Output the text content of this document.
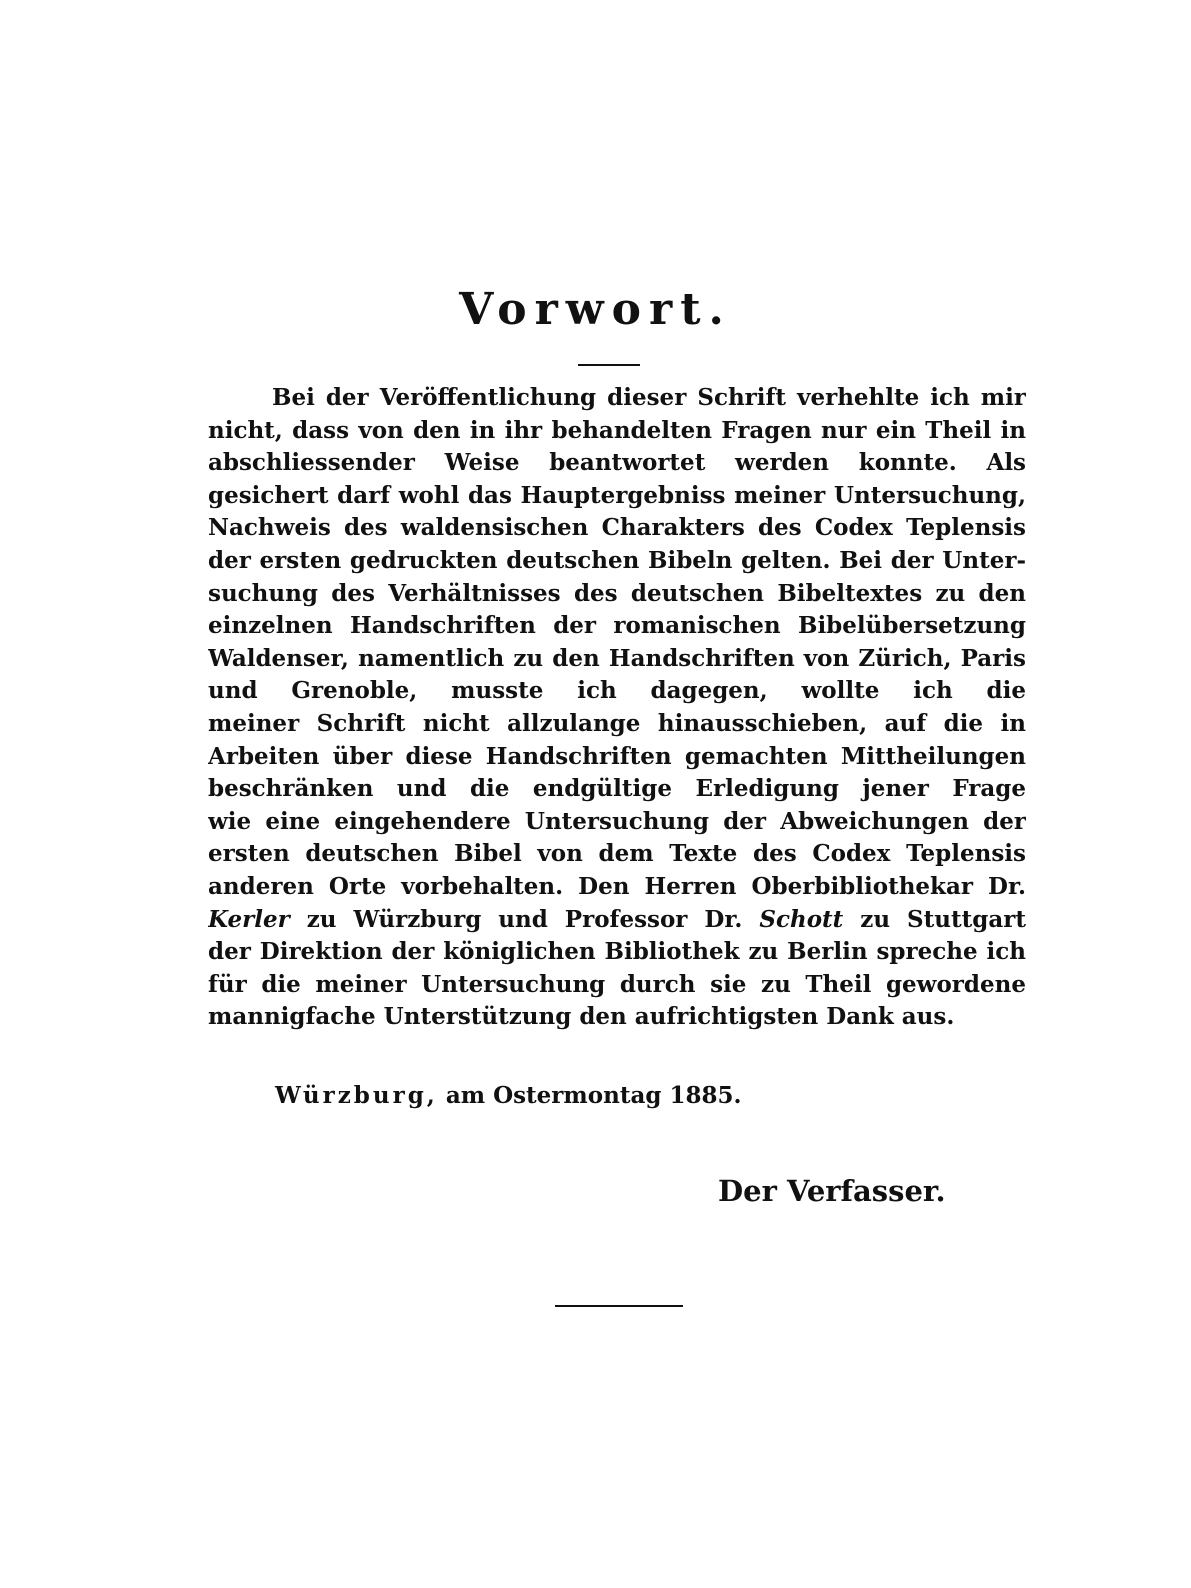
Vorwort.
Bei der Veröffentlichung dieser Schrift verhehlte ich mir
nicht, dass von den in ihr behandelten Fragen nur ein Theil in
abschliessender Weise beantwortet werden konnte. Als
gesichert darf wohl das Hauptergebniss meiner Untersuchung,
Nachweis des waldensischen Charakters des Codex Teplensis
der ersten gedruckten deutschen Bibeln gelten. Bei der Unter-
suchung des Verhältnisses des deutschen Bibeltextes zu den
einzelnen Handschriften der romanischen Bibelübersetzung
Waldenser, namentlich zu den Handschriften von Zürich, Paris
und Grenoble, musste ich dagegen, wollte ich die
meiner Schrift nicht allzulange hinausschieben, auf die in
Arbeiten über diese Handschriften gemachten Mittheilungen
beschränken und die endgültige Erledigung jener Frage
wie eine eingehendere Untersuchung der Abweichungen der
ersten deutschen Bibel von dem Texte des Codex Teplensis
anderen Orte vorbehalten. Den Herren Oberbibliothekar Dr.
Kerler zu Würzburg und Professor Dr. Schott zu Stuttgart
der Direktion der königlichen Bibliothek zu Berlin spreche ich
für die meiner Untersuchung durch sie zu Theil gewordene
mannigfache Unterstützung den aufrichtigsten Dank aus.

Würzburg, am Ostermontag 1885.

Der Verfasser.
